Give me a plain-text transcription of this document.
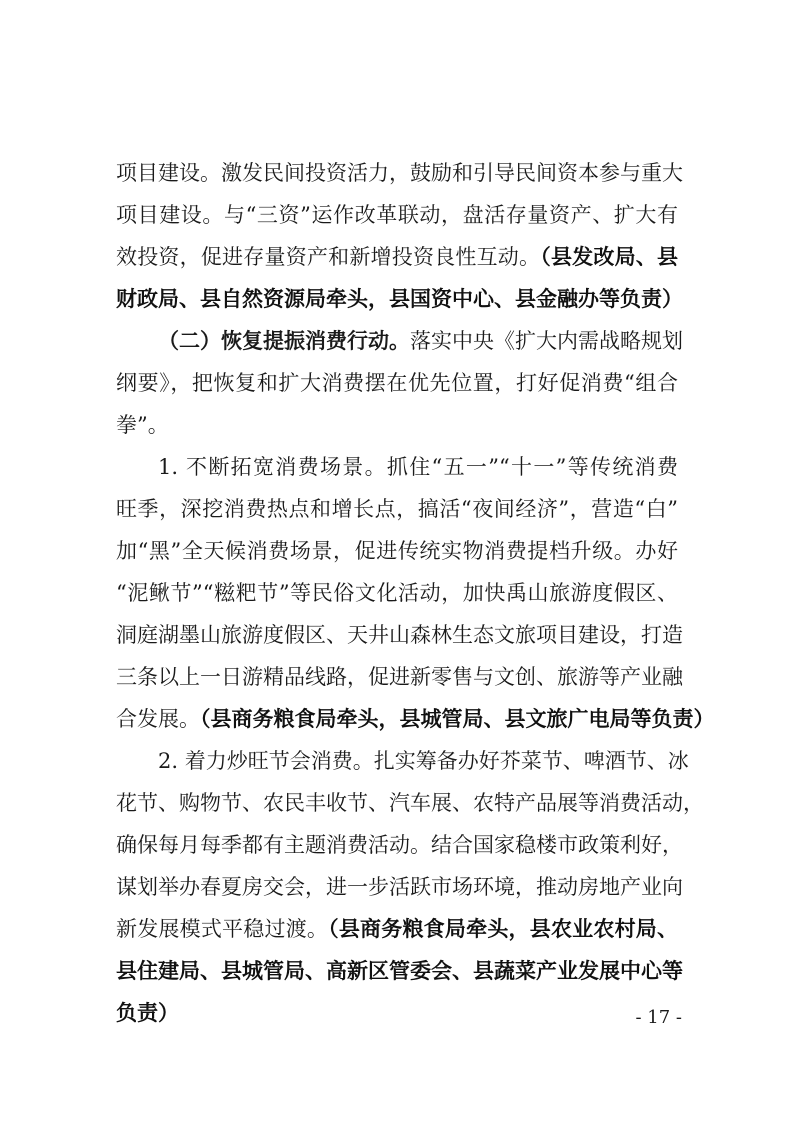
项目建设。激发民间投资活力，鼓励和引导民间资本参与重大
项目建设。与“三资”运作改革联动，盘活存量资产、扩大有
效投资，促进存量资产和新增投资良性互动。（县发改局、县
财政局、县自然资源局牵头，县国资中心、县金融办等负责）
（二）恢复提振消费行动。落实中央《扩大内需战略规划
纲要》，把恢复和扩大消费摆在优先位置，打好促消费“组合
拳”。
1. 不断拓宽消费场景。抓住“五一”“十一”等传统消费
旺季，深挖消费热点和增长点，搞活“夜间经济”，营造“白”
加“黑”全天候消费场景，促进传统实物消费提档升级。办好
“泥鳅节”“糍粑节”等民俗文化活动，加快禹山旅游度假区、
洞庭湖墨山旅游度假区、天井山森林生态文旅项目建设，打造
三条以上一日游精品线路，促进新零售与文创、旅游等产业融
合发展。（县商务粮食局牵头，县城管局、县文旅广电局等负责）
2. 着力炒旺节会消费。扎实筹备办好芥菜节、啤酒节、冰
花节、购物节、农民丰收节、汽车展、农特产品展等消费活动，
确保每月每季都有主题消费活动。结合国家稳楼市政策利好，
谋划举办春夏房交会，进一步活跃市场环境，推动房地产业向
新发展模式平稳过渡。（县商务粮食局牵头，县农业农村局、
县住建局、县城管局、高新区管委会、县蔬菜产业发展中心等
负责）	- 17 -
